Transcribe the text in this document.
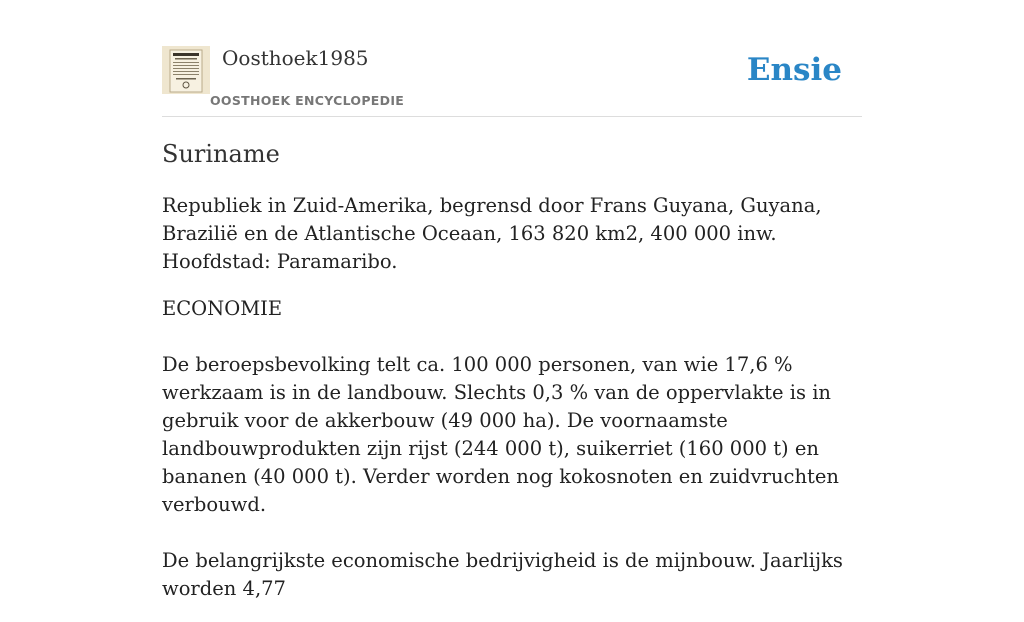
Oosthoek1985
OOSTHOEK ENCYCLOPEDIE
Ensie
Suriname

Republiek in Zuid-Amerika, begrensd door Frans Guyana, Guyana, Brazilië en de Atlantische Oceaan, 163 820 km2, 400 000 inw. Hoofdstad: Paramaribo.

ECONOMIE

De beroepsbevolking telt ca. 100 000 personen, van wie 17,6 % werkzaam is in de landbouw. Slechts 0,3 % van de oppervlakte is in gebruik voor de akkerbouw (49 000 ha). De voornaamste landbouwprodukten zijn rijst (244 000 t), suikerriet (160 000 t) en bananen (40 000 t). Verder worden nog kokosnoten en zuidvruchten verbouwd.

De belangrijkste economische bedrijvigheid is de mijnbouw. Jaarlijks worden 4,77
